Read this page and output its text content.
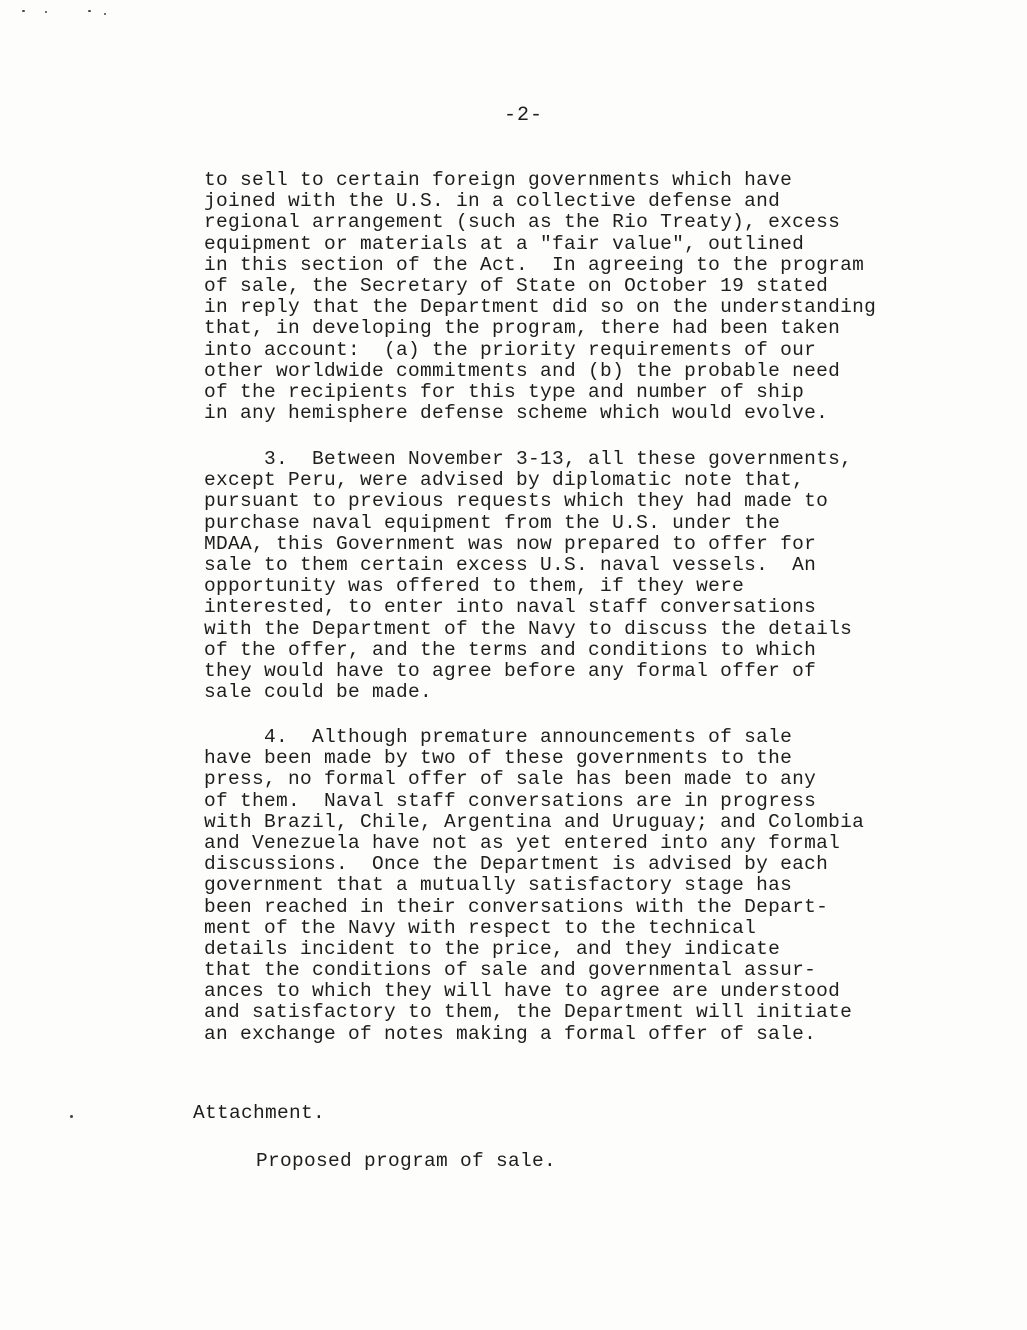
-2-
to sell to certain foreign governments which have
joined with the U.S. in a collective defense and
regional arrangement (such as the Rio Treaty), excess
equipment or materials at a "fair value", outlined
in this section of the Act.  In agreeing to the program
of sale, the Secretary of State on October 19 stated
in reply that the Department did so on the understanding
that, in developing the program, there had been taken
into account:  (a) the priority requirements of our
other worldwide commitments and (b) the probable need
of the recipients for this type and number of ship
in any hemisphere defense scheme which would evolve.
3.  Between November 3-13, all these governments,
except Peru, were advised by diplomatic note that,
pursuant to previous requests which they had made to
purchase naval equipment from the U.S. under the
MDAA, this Government was now prepared to offer for
sale to them certain excess U.S. naval vessels.  An
opportunity was offered to them, if they were
interested, to enter into naval staff conversations
with the Department of the Navy to discuss the details
of the offer, and the terms and conditions to which
they would have to agree before any formal offer of
sale could be made.
4.  Although premature announcements of sale
have been made by two of these governments to the
press, no formal offer of sale has been made to any
of them.  Naval staff conversations are in progress
with Brazil, Chile, Argentina and Uruguay; and Colombia
and Venezuela have not as yet entered into any formal
discussions.  Once the Department is advised by each
government that a mutually satisfactory stage has
been reached in their conversations with the Depart-
ment of the Navy with respect to the technical
details incident to the price, and they indicate
that the conditions of sale and governmental assur-
ances to which they will have to agree are understood
and satisfactory to them, the Department will initiate
an exchange of notes making a formal offer of sale.
Attachment.
Proposed program of sale.
